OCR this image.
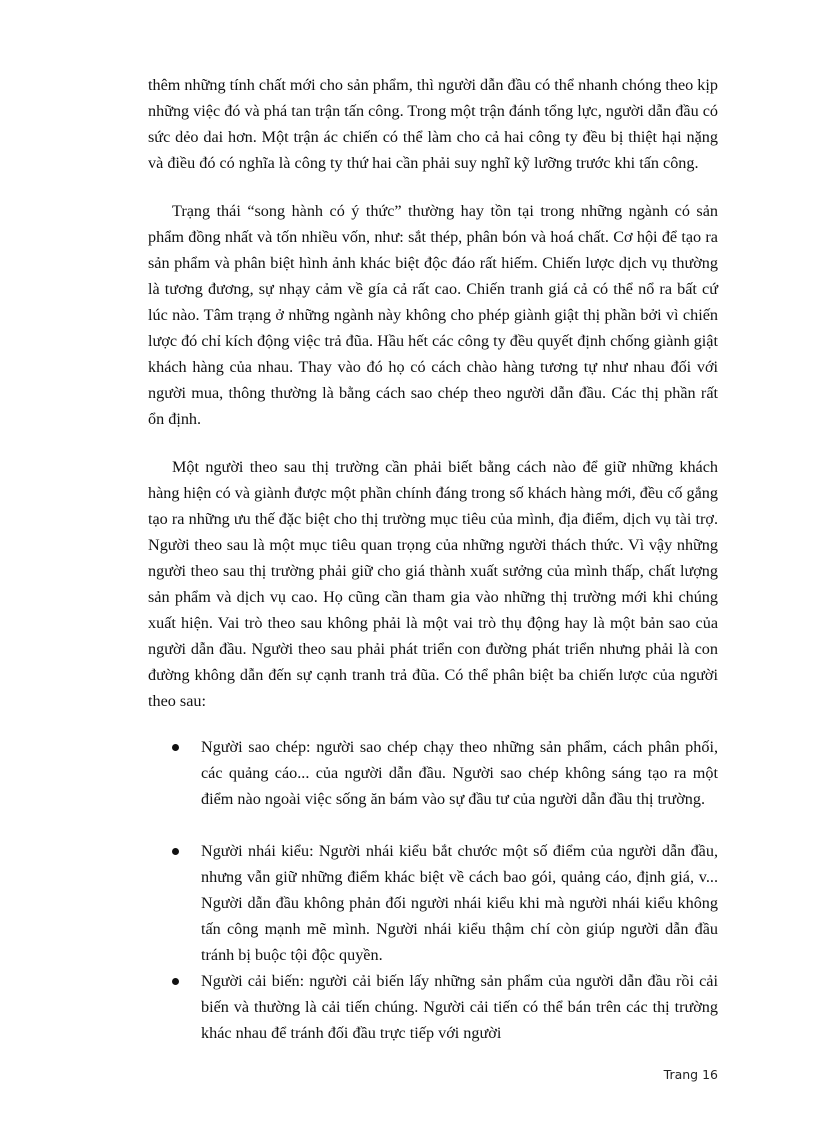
thêm những tính chất mới cho sản phẩm, thì người dẫn đầu có thể nhanh chóng theo kịp những việc đó và phá tan trận tấn công. Trong một trận đánh tổng lực, người dẫn đầu có sức dẻo dai hơn. Một trận ác chiến có thể làm cho cả hai công ty đều bị thiệt hại nặng và điều đó có nghĩa là công ty thứ hai cần phải suy nghĩ kỹ lưỡng trước khi tấn công.

Trạng thái “song hành có ý thức” thường hay tồn tại trong những ngành có sản phẩm đồng nhất và tốn nhiều vốn, như: sắt thép, phân bón và hoá chất. Cơ hội để tạo ra sản phẩm và phân biệt hình ảnh khác biệt độc đáo rất hiếm. Chiến lược dịch vụ thường là tương đương, sự nhạy cảm về gía cả rất cao. Chiến tranh giá cả có thể nổ ra bất cứ lúc nào. Tâm trạng ở những ngành này không cho phép giành giật thị phần bởi vì chiến lược đó chỉ kích động việc trả đũa. Hầu hết các công ty đều quyết định chống giành giật khách hàng của nhau. Thay vào đó họ có cách chào hàng tương tự như nhau đối với người mua, thông thường là bằng cách sao chép theo người dẫn đầu. Các thị phần rất ổn định.

Một người theo sau thị trường cần phải biết bằng cách nào để giữ những khách hàng hiện có và giành được một phần chính đáng trong số khách hàng mới, đều cố gắng tạo ra những ưu thế đặc biệt cho thị trường mục tiêu của mình, địa điểm, dịch vụ tài trợ. Người theo sau là một mục tiêu quan trọng của những người thách thức. Vì vậy những người theo sau thị trường phải giữ cho giá thành xuất sưởng của mình thấp, chất lượng sản phẩm và dịch vụ cao. Họ cũng cần tham gia vào những thị trường mới khi chúng xuất hiện. Vai trò theo sau không phải là một vai trò thụ động hay là một bản sao của người dẫn đầu. Người theo sau phải phát triển con đường phát triển nhưng phải là con đường không dẫn đến sự cạnh tranh trả đũa. Có thể phân biệt ba chiến lược của người theo sau:

Người sao chép: người sao chép chạy theo những sản phẩm, cách phân phối, các quảng cáo... của người dẫn đầu. Người sao chép không sáng tạo ra một điểm nào ngoài việc sống ăn bám vào sự đầu tư của người dẫn đầu thị trường.
Người nhái kiểu: Người nhái kiểu bắt chước một số điểm của người dẫn đầu, nhưng vẫn giữ những điểm khác biệt về cách bao gói, quảng cáo, định giá, v... Người dẫn đầu không phản đối người nhái kiểu khi mà người nhái kiểu không tấn công mạnh mẽ mình. Người nhái kiểu thậm chí còn giúp người dẫn đầu tránh bị buộc tội độc quyền.
Người cải biến: người cải biến lấy những sản phẩm của người dẫn đầu rồi cải biến và thường là cải tiến chúng. Người cải tiến có thể bán trên các thị trường khác nhau để tránh đối đầu trực tiếp với người
Trang 16
